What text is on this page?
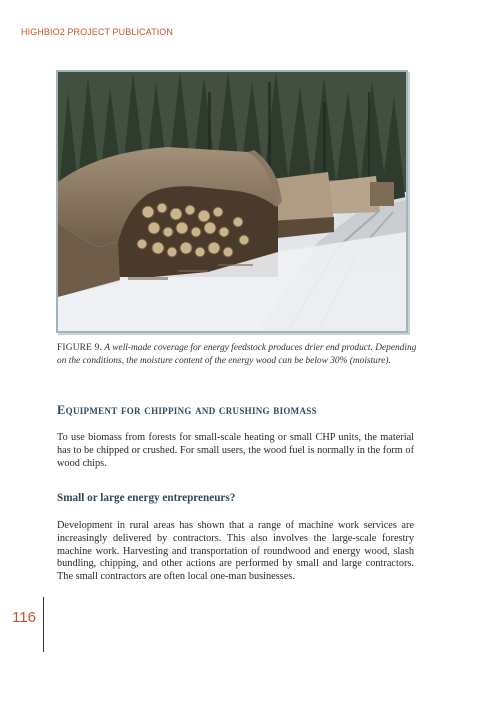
HIGHBIO2 PROJECT PUBLICATION
FIGURE 9. A well-made coverage for energy feedstock produces drier end product. Depending on the conditions, the moisture content of the energy wood can be below 30% (moisture).
Equipment for chipping and crushing biomass
To use biomass from forests for small-scale heating or small CHP units, the material has to be chipped or crushed. For small users, the wood fuel is normally in the form of wood chips.
Small or large energy entrepreneurs?
Development in rural areas has shown that a range of machine work services are increasingly delivered by contractors. This also involves the large-scale forestry machine work. Harvesting and transportation of roundwood and energy wood, slash bundling, chipping, and other actions are performed by small and large contractors. The small contractors are often local one-man businesses.
116
